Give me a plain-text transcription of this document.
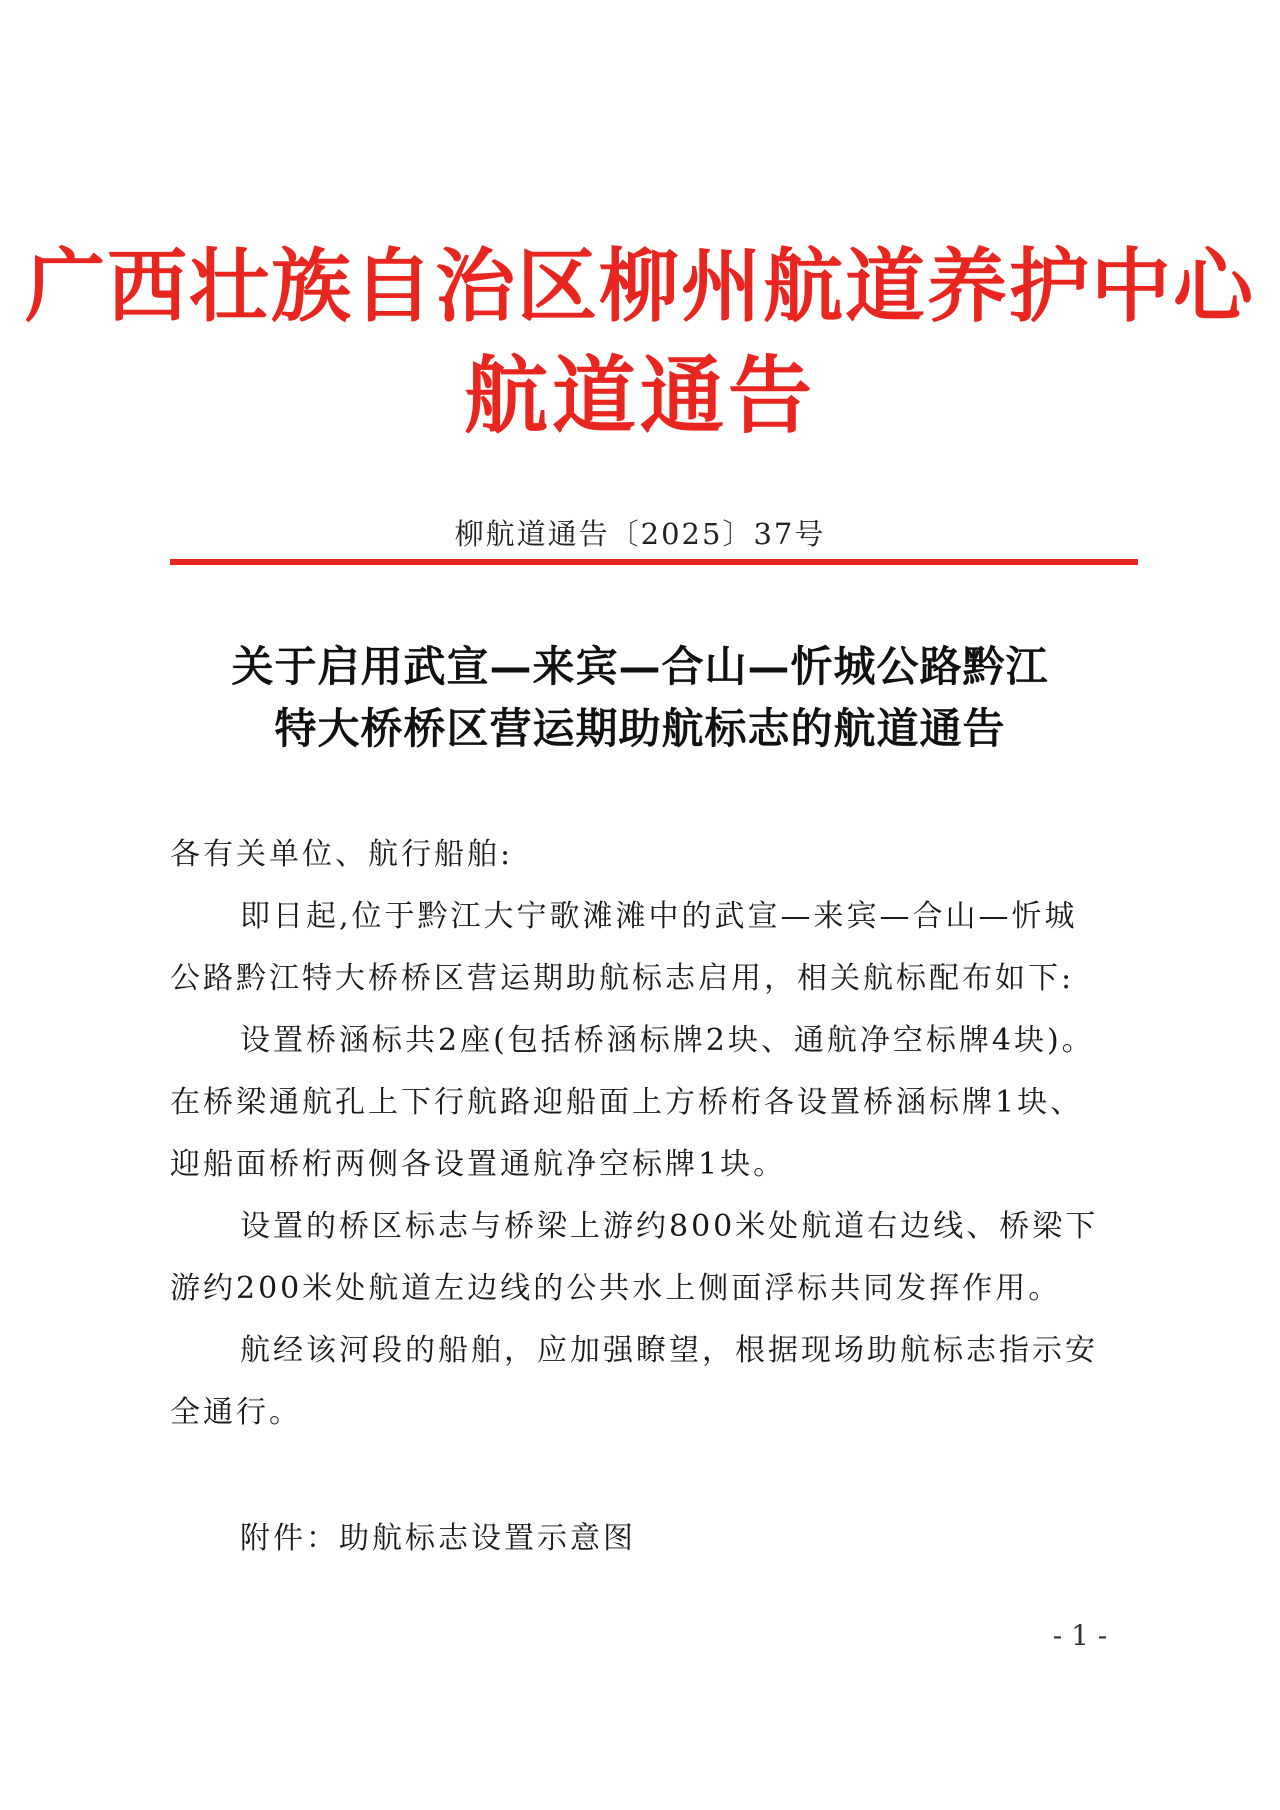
广西壮族自治区柳州航道养护中心
航道通告
柳航道通告〔2025〕37号
关于启用武宣—来宾—合山—忻城公路黔江
特大桥桥区营运期助航标志的航道通告
各有关单位、航行船舶:
即日起,位于黔江大宁歌滩滩中的武宣—来宾—合山—忻城
公路黔江特大桥桥区营运期助航标志启用，相关航标配布如下:
设置桥涵标共2座(包括桥涵标牌2块、通航净空标牌4块)。
在桥梁通航孔上下行航路迎船面上方桥桁各设置桥涵标牌1块、
迎船面桥桁两侧各设置通航净空标牌1块。
设置的桥区标志与桥梁上游约800米处航道右边线、桥梁下
游约200米处航道左边线的公共水上侧面浮标共同发挥作用。
航经该河段的船舶，应加强瞭望，根据现场助航标志指示安
全通行。
附件：助航标志设置示意图
- 1 -
